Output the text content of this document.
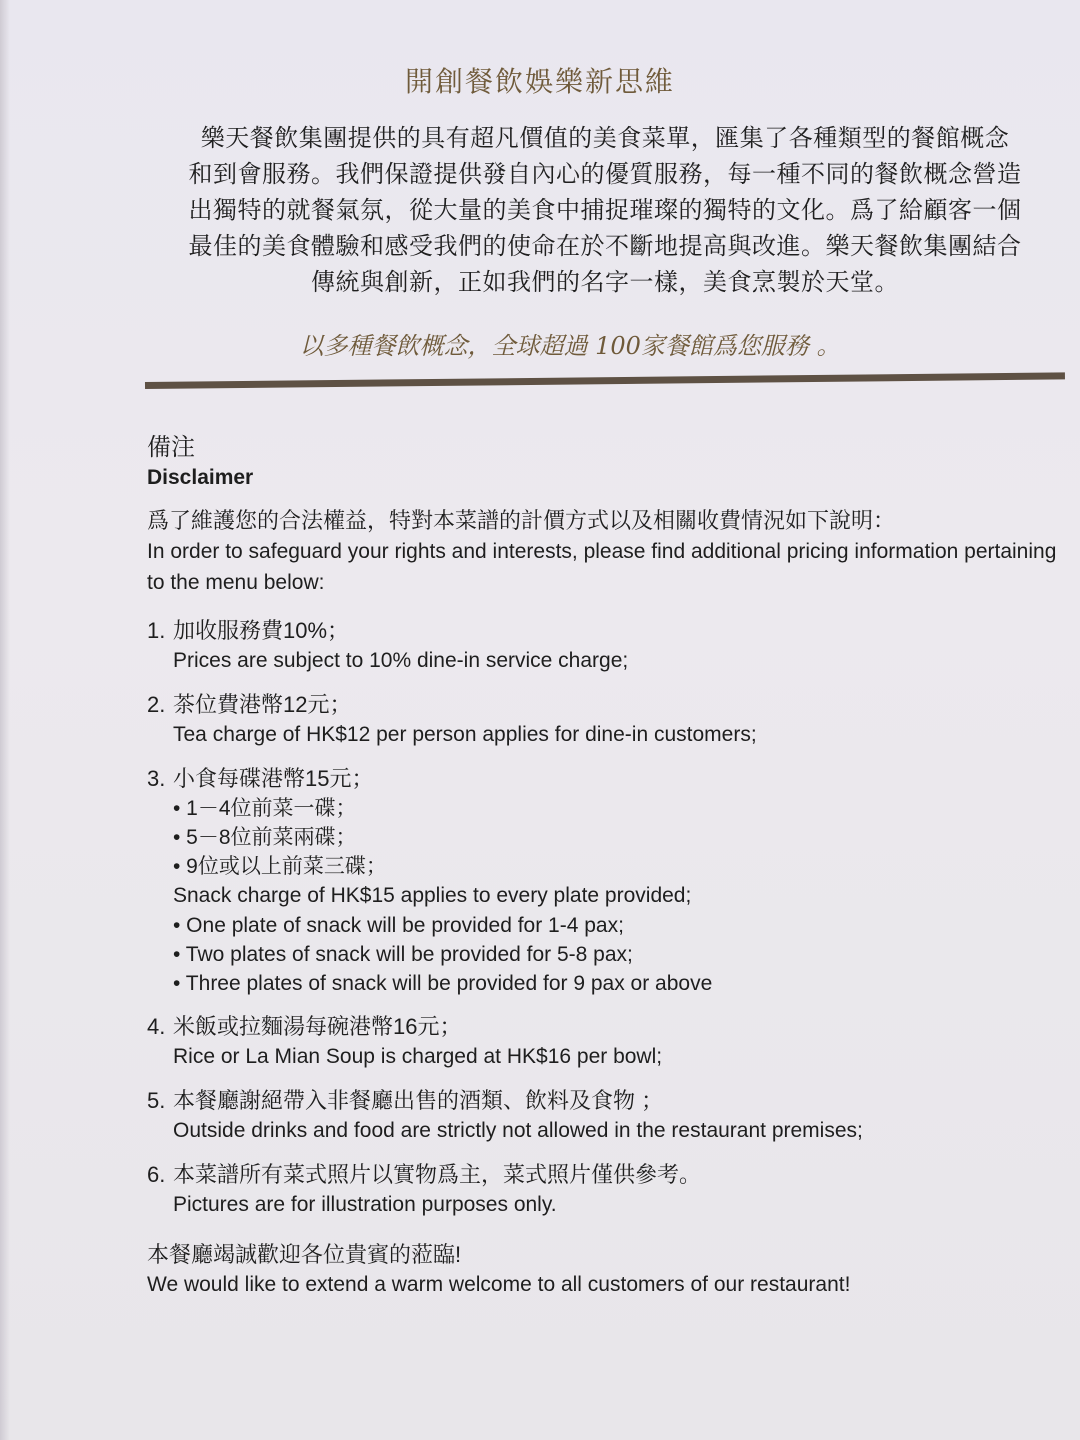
開創餐飲娛樂新思維
樂天餐飲集團提供的具有超凡價值的美食菜單，匯集了各種類型的餐館概念
和到會服務。我們保證提供發自內心的優質服務，每一種不同的餐飲概念營造
出獨特的就餐氣氛，從大量的美食中捕捉璀璨的獨特的文化。爲了給顧客一個
最佳的美食體驗和感受我們的使命在於不斷地提高與改進。樂天餐飲集團結合
傳統與創新，正如我們的名字一樣，美食烹製於天堂。
以多種餐飲概念，全球超過 100家餐館爲您服務 。
備注
Disclaimer
爲了維護您的合法權益，特對本菜譜的計價方式以及相關收費情況如下說明：
In order to safeguard your rights and interests, please find additional pricing information pertaining to the menu below:
1. 加收服務費10%；
Prices are subject to 10% dine-in service charge;
2. 茶位費港幣12元；
Tea charge of HK$12 per person applies for dine-in customers;
3. 小食每碟港幣15元；
• 1－4位前菜一碟；
• 5－8位前菜兩碟；
• 9位或以上前菜三碟；
Snack charge of HK$15 applies to every plate provided;
• One plate of snack will be provided for 1-4 pax;
• Two plates of snack will be provided for 5-8 pax;
• Three plates of snack will be provided for 9 pax or above
4. 米飯或拉麵湯每碗港幣16元；
Rice or La Mian Soup is charged at HK$16 per bowl;
5. 本餐廳謝絕帶入非餐廳出售的酒類、飲料及食物 ；
Outside drinks and food are strictly not allowed in the restaurant premises;
6. 本菜譜所有菜式照片以實物爲主，菜式照片僅供參考。
Pictures are for illustration purposes only.
本餐廳竭誠歡迎各位貴賓的蒞臨!
We would like to extend a warm welcome to all customers of our restaurant!
